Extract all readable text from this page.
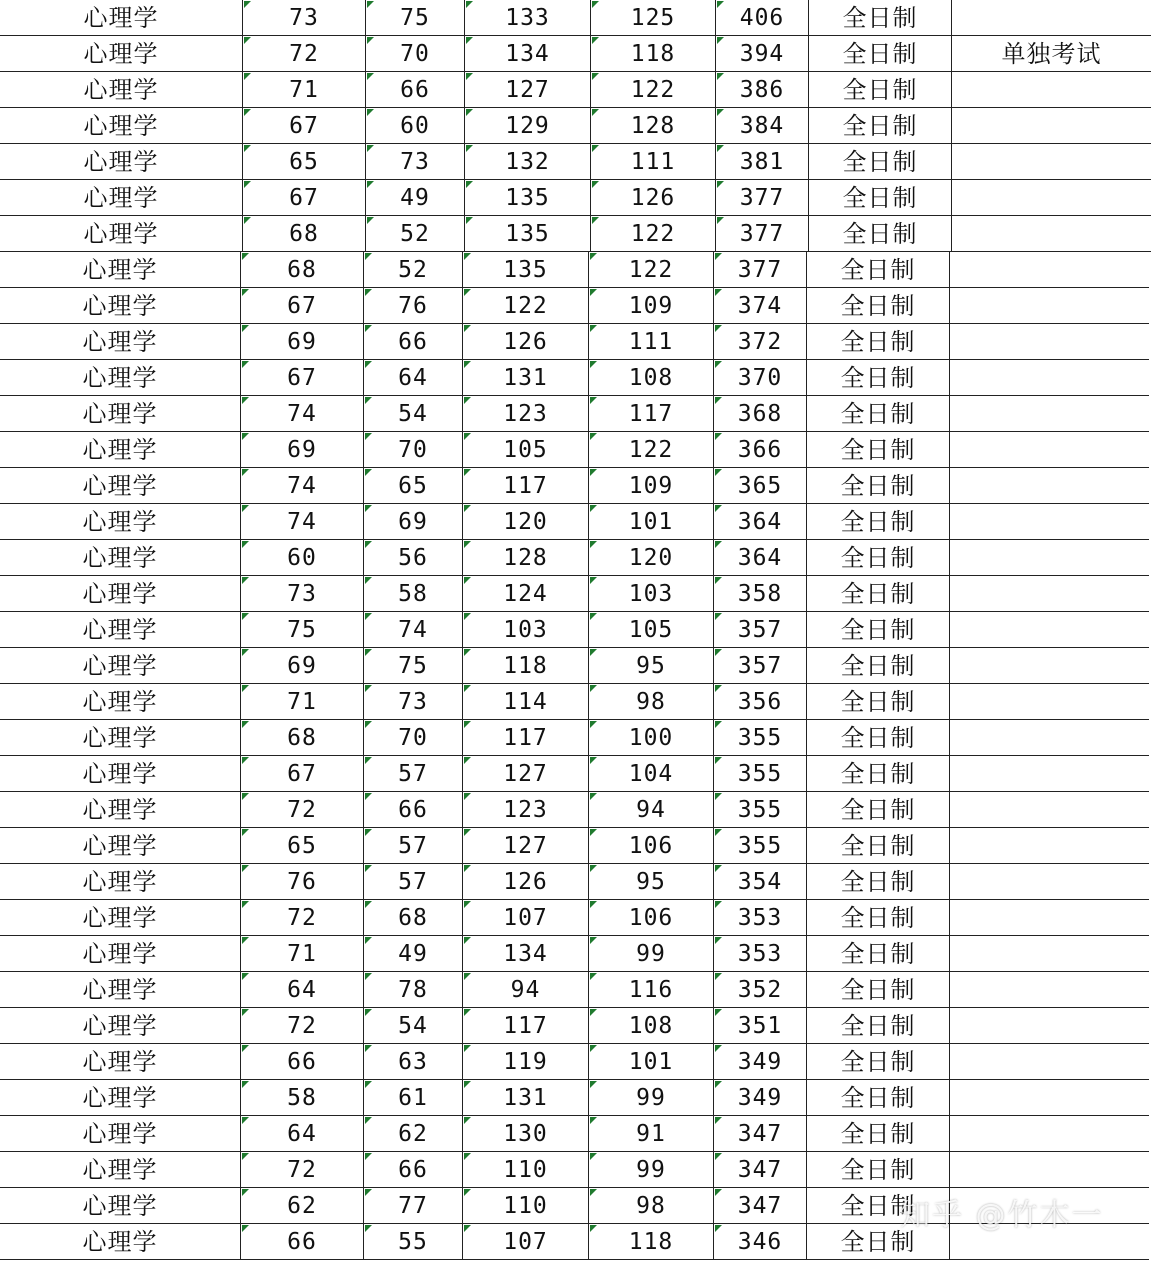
心理学	73	75	133	125	406	全日制
心理学	72	70	134	118	394	全日制	单独考试
心理学	71	66	127	122	386	全日制
心理学	67	60	129	128	384	全日制
心理学	65	73	132	111	381	全日制
心理学	67	49	135	126	377	全日制
心理学	68	52	135	122	377	全日制
心理学	68	52	135	122	377	全日制
心理学	67	76	122	109	374	全日制
心理学	69	66	126	111	372	全日制
心理学	67	64	131	108	370	全日制
心理学	74	54	123	117	368	全日制
心理学	69	70	105	122	366	全日制
心理学	74	65	117	109	365	全日制
心理学	74	69	120	101	364	全日制
心理学	60	56	128	120	364	全日制
心理学	73	58	124	103	358	全日制
心理学	75	74	103	105	357	全日制
心理学	69	75	118	95	357	全日制
心理学	71	73	114	98	356	全日制
心理学	68	70	117	100	355	全日制
心理学	67	57	127	104	355	全日制
心理学	72	66	123	94	355	全日制
心理学	65	57	127	106	355	全日制
心理学	76	57	126	95	354	全日制
心理学	72	68	107	106	353	全日制
心理学	71	49	134	99	353	全日制
心理学	64	78	94	116	352	全日制
心理学	72	54	117	108	351	全日制
心理学	66	63	119	101	349	全日制
心理学	58	61	131	99	349	全日制
心理学	64	62	130	91	347	全日制
心理学	72	66	110	99	347	全日制
心理学	62	77	110	98	347	全日制
心理学	66	55	107	118	346	全日制
知乎 @竹木一
